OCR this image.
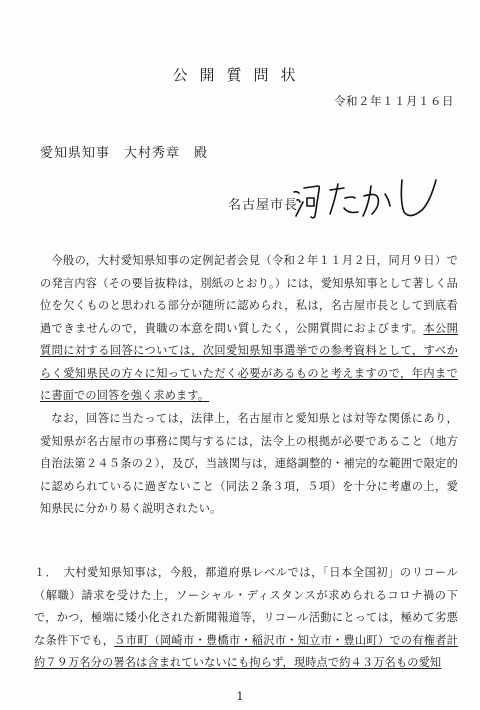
公開質問状
令和２年１１月１６日
愛知県知事　大村秀章　殿
名古屋市長
今般の，大村愛知県知事の定例記者会見（令和２年１１月２日，同月９日）での発言内容（その要旨抜粋は，別紙のとおり。）には，愛知県知事として著しく品位を欠くものと思われる部分が随所に認められ，私は，名古屋市長として到底看過できませんので，貴職の本意を問い質したく，公開質問におよびます。本公開質問に対する回答については，次回愛知県知事選挙での参考資料として，すべからく愛知県民の方々に知っていただく必要があるものと考えますので，年内までに書面での回答を強く求めます。
なお，回答に当たっては，法律上，名古屋市と愛知県とは対等な関係にあり，愛知県が名古屋市の事務に関与するには，法令上の根拠が必要であること（地方自治法第２４５条の２），及び，当該関与は，連絡調整的・補完的な範囲で限定的に認められているに過ぎないこと（同法２条３項，５項）を十分に考慮の上，愛知県民に分かり易く説明されたい。
１． 大村愛知県知事は，今般，都道府県レベルでは，「日本全国初」のリコール（解職）請求を受けた上，ソーシャル・ディスタンスが求められるコロナ禍の下で，かつ，極端に矮小化された新聞報道等，リコール活動にとっては，極めて劣悪な条件下でも，５市町（岡崎市・豊橋市・稲沢市・知立市・豊山町）での有権者計約７９万名分の署名は含まれていないにも拘らず，現時点で約４３万名もの愛知
1
